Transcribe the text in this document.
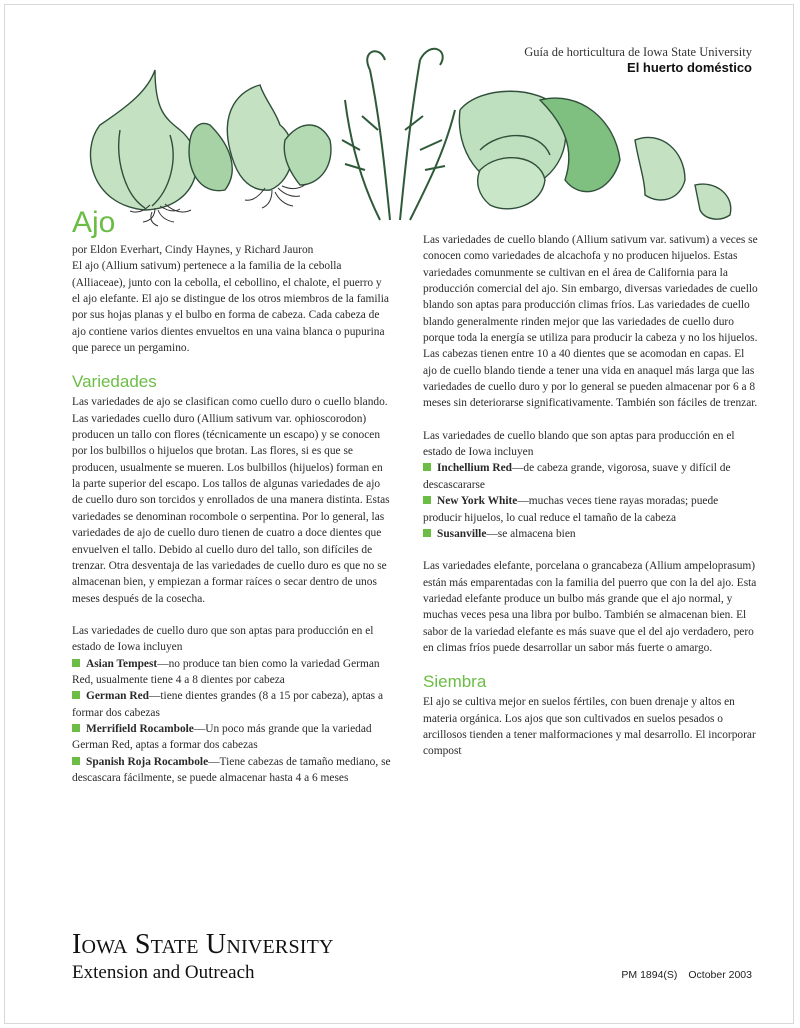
Guía de horticultura de Iowa State University
El huerto doméstico
Ajo

por Eldon Everhart, Cindy Haynes, y Richard Jauron

El ajo (Allium sativum) pertenece a la familia de la cebolla (Alliaceae), junto con la cebolla, el cebollino, el chalote, el puerro y el ajo elefante. El ajo se distingue de los otros miembros de la familia por sus hojas planas y el bulbo en forma de cabeza. Cada cabeza de ajo contiene varios dientes envueltos en una vaina blanca o pupurina que parece un pergamino.

Variedades

Las variedades de ajo se clasifican como cuello duro o cuello blando. Las variedades cuello duro (Allium sativum var. ophioscorodon) producen un tallo con flores (técnicamente un escapo) y se conocen por los bulbillos o hijuelos que brotan. Las flores, si es que se producen, usualmente se mueren. Los bulbillos (hijuelos) forman en la parte superior del escapo. Los tallos de algunas variedades de ajo de cuello duro son torcidos y enrollados de una manera distinta. Estas variedades se denominan rocombole o serpentina. Por lo general, las variedades de ajo de cuello duro tienen de cuatro a doce dientes que envuelven el tallo. Debido al cuello duro del tallo, son difíciles de trenzar. Otra desventaja de las variedades de cuello duro es que no se almacenan bien, y empiezan a formar raíces o secar dentro de unos meses después de la cosecha.

Las variedades de cuello duro que son aptas para producción en el estado de Iowa incluyen

Asian Tempest—no produce tan bien como la variedad German Red, usualmente tiene 4 a 8 dientes por cabeza
German Red—tiene dientes grandes (8 a 15 por cabeza), aptas a formar dos cabezas
Merrifield Rocambole—Un poco más grande que la variedad German Red, aptas a formar dos cabezas
Spanish Roja Rocambole—Tiene cabezas de tamaño mediano, se descascara fácilmente, se puede almacenar hasta 4 a 6 meses

Las variedades de cuello blando (Allium sativum var. sativum) a veces se conocen como variedades de alcachofa y no producen hijuelos. Estas variedades comunmente se cultivan en el área de California para la producción comercial del ajo. Sin embargo, diversas variedades de cuello blando son aptas para producción climas fríos. Las variedades de cuello blando generalmente rinden mejor que las variedades de cuello duro porque toda la energía se utiliza para producir la cabeza y no los hijuelos. Las cabezas tienen entre 10 a 40 dientes que se acomodan en capas. El ajo de cuello blando tiende a tener una vida en anaquel más larga que las variedades de cuello duro y por lo general se pueden almacenar por 6 a 8 meses sin deteriorarse significativamente. También son fáciles de trenzar.

Las variedades de cuello blando que son aptas para producción en el estado de Iowa incluyen

Inchellium Red—de cabeza grande, vigorosa, suave y difícil de descascararse
New York White—muchas veces tiene rayas moradas; puede producir hijuelos, lo cual reduce el tamaño de la cabeza
Susanville—se almacena bien

Las variedades elefante, porcelana o grancabeza (Allium ampeloprasum) están más emparentadas con la familia del puerro que con la del ajo. Esta variedad elefante produce un bulbo más grande que el ajo normal, y muchas veces pesa una libra por bulbo. También se almacenan bien. El sabor de la variedad elefante es más suave que el del ajo verdadero, pero en climas fríos puede desarrollar un sabor más fuerte o amargo.

Siembra

El ajo se cultiva mejor en suelos fértiles, con buen drenaje y altos en materia orgánica. Los ajos que son cultivados en suelos pesados o arcillosos tienden a tener malformaciones y mal desarrollo. El incorporar compost

Iowa State University
Extension and Outreach	PM 1894(S) October 2003
